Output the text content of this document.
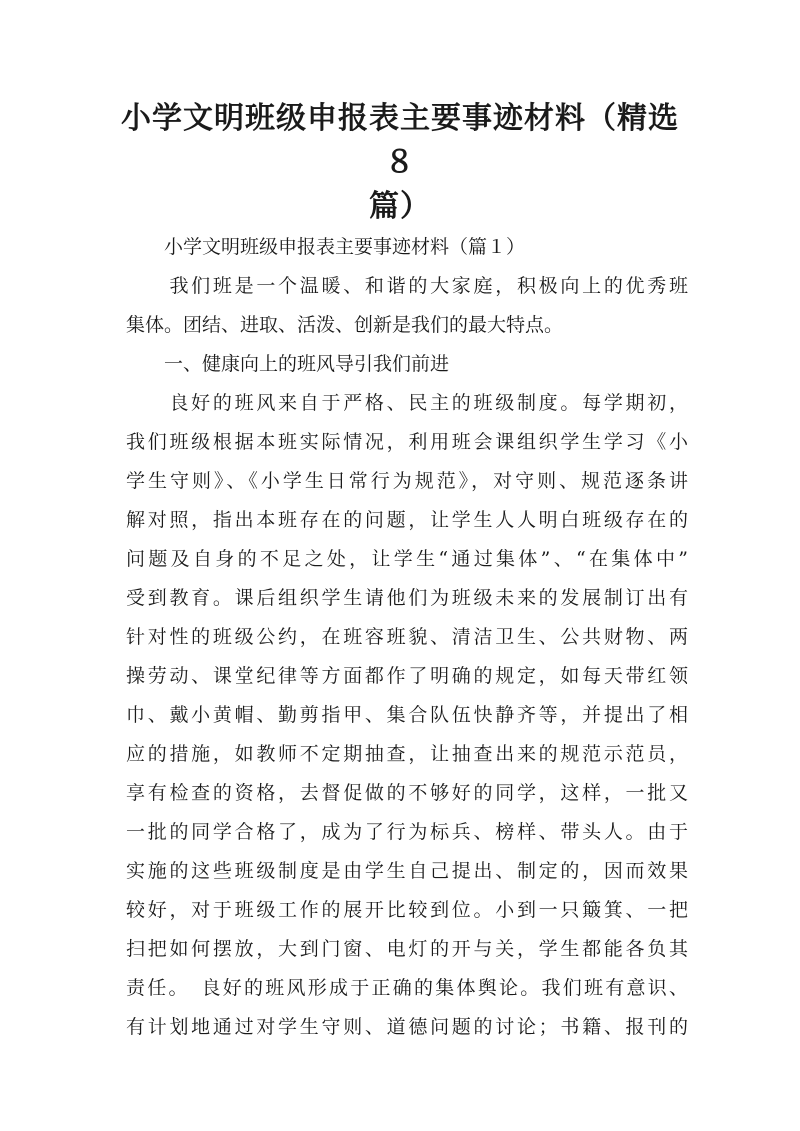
小学文明班级申报表主要事迹材料（精选８
篇）
　　小学文明班级申报表主要事迹材料（篇１）
　　我们班是一个温暖、和谐的大家庭，积极向上的优秀班
集体。团结、进取、活泼、创新是我们的最大特点。
　　一、健康向上的班风导引我们前进
　　良好的班风来自于严格、民主的班级制度。每学期初，
我们班级根据本班实际情况，利用班会课组织学生学习《小
学生守则》、《小学生日常行为规范》，对守则、规范逐条讲
解对照，指出本班存在的问题，让学生人人明白班级存在的
问题及自身的不足之处，让学生“通过集体”、“在集体中”
受到教育。课后组织学生请他们为班级未来的发展制订出有
针对性的班级公约，在班容班貌、清洁卫生、公共财物、两
操劳动、课堂纪律等方面都作了明确的规定，如每天带红领
巾、戴小黄帽、勤剪指甲、集合队伍快静齐等，并提出了相
应的措施，如教师不定期抽查，让抽查出来的规范示范员，
享有检查的资格，去督促做的不够好的同学，这样，一批又
一批的同学合格了，成为了行为标兵、榜样、带头人。由于
实施的这些班级制度是由学生自己提出、制定的，因而效果
较好，对于班级工作的展开比较到位。小到一只簸箕、一把
扫把如何摆放，大到门窗、电灯的开与关，学生都能各负其
责任。　良好的班风形成于正确的集体舆论。我们班有意识、
有计划地通过对学生守则、道德问题的讨论；书籍、报刊的
